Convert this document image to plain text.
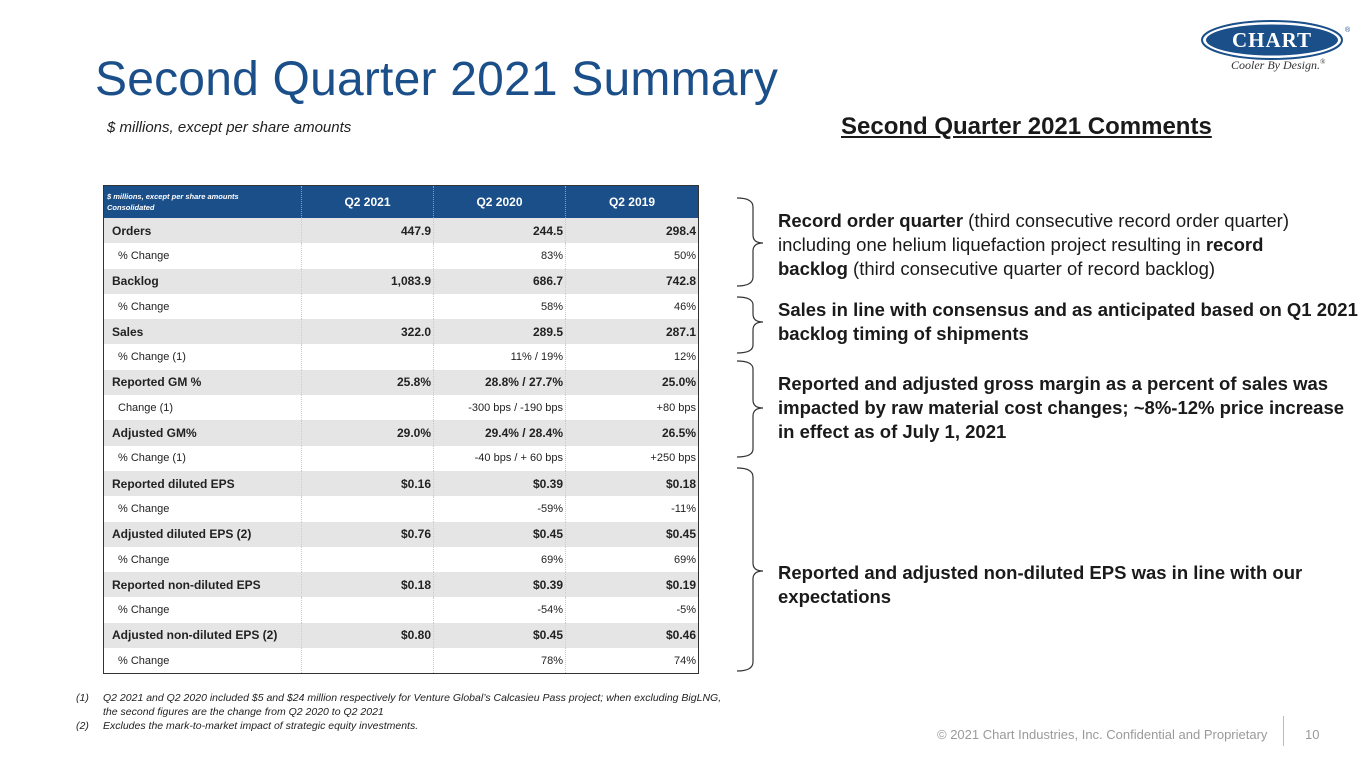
Second Quarter 2021 Summary
$ millions, except per share amounts
CHART	®
Cooler By Design.®
Second Quarter 2021 Comments
$ millions, except per share amounts
Consolidated	Q2 2021	Q2 2020	Q2 2019
Orders	447.9	244.5	298.4
% Change		83%	50%
Backlog	1,083.9	686.7	742.8
% Change		58%	46%
Sales	322.0	289.5	287.1
% Change (1)		11% / 19%	12%
Reported GM %	25.8%	28.8% / 27.7%	25.0%
Change (1)		-300 bps / -190 bps	+80 bps
Adjusted GM%	29.0%	29.4% / 28.4%	26.5%
% Change (1)		-40 bps / + 60 bps	+250 bps
Reported diluted EPS	$0.16	$0.39	$0.18
% Change		-59%	-11%
Adjusted diluted EPS (2)	$0.76	$0.45	$0.45
% Change		69%	69%
Reported non-diluted EPS	$0.18	$0.39	$0.19
% Change		-54%	-5%
Adjusted non-diluted EPS (2)	$0.80	$0.45	$0.46
% Change		78%	74%
Record order quarter (third consecutive record order quarter) including one helium liquefaction project resulting in record backlog (third consecutive quarter of record backlog)
Sales in line with consensus and as anticipated based on Q1 2021 backlog timing of shipments
Reported and adjusted gross margin as a percent of sales was impacted by raw material cost changes; ~8%-12% price increase in effect as of July 1, 2021
Reported and adjusted non-diluted EPS was in line with our expectations
(1)	Q2 2021 and Q2 2020 included $5 and $24 million respectively for Venture Global’s Calcasieu Pass project; when excluding BigLNG, the second figures are the change from Q2 2020 to Q2 2021
(2)	Excludes the mark-to-market impact of strategic equity investments.
© 2021 Chart Industries, Inc. Confidential and Proprietary	10
